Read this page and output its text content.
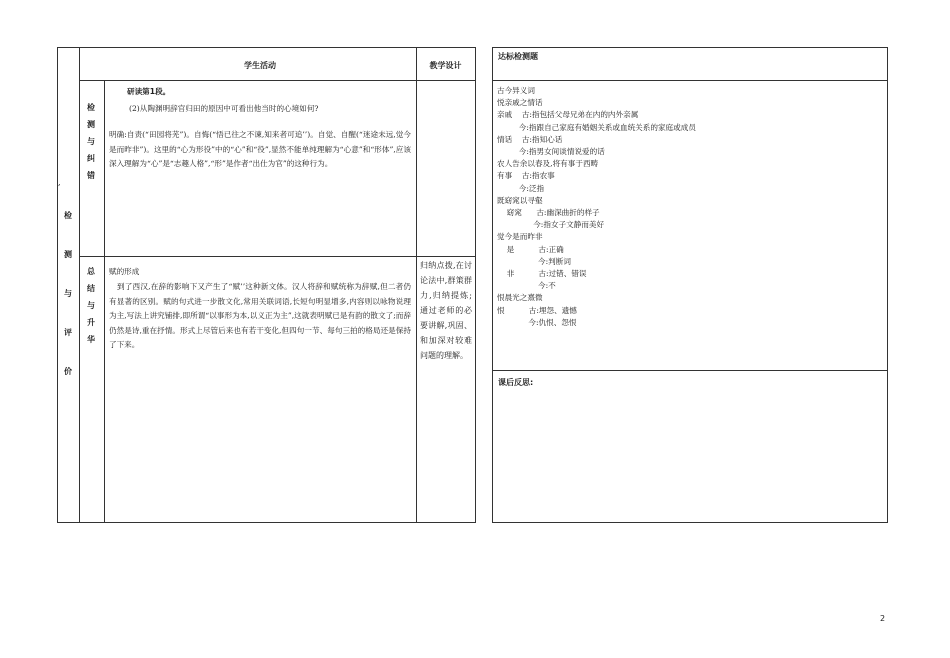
学生活动	教学设计
,
检
测
与
评
价
检
测
与
纠
错
总
结
与
升
华
研读第1段。
(2)从陶渊明辞官归田的原因中可看出他当时的心境如何?
明确:自责(“田园将芜”)。自悔(“悟已往之不谏,知来者可追’’)。自觉、自醒(“迷途未远,觉今是而昨非”)。这里的“心为形役”中的“心”和“役”,显然不能单纯理解为“心意”和“形体”,应该深入理解为“心”是“志趣人格”,“形”是作者“出仕为官”的这种行为。
赋的形成
到了西汉,在辞的影响下又产生了“赋’’这种新文体。汉人将辞和赋统称为辞赋,但二者仍有显著的区别。赋的句式进一步散文化,常用关联词语,长短句明显增多,内容则以咏物说理为主,写法上讲究铺排,即所谓“以事形为本,以义正为主”,这就表明赋已是有韵的散文了;而辞仍然是诗,重在抒情。形式上尽管后来也有若干变化,但四句一节、每句三拍的格局还是保持了下来。
归纳点拨,在讨论法中,群策群力,归纳提炼;通过老师的必要讲解,巩固、和加深对较难问题的理解。
达标检测题
古今异义词
悦亲戚之情话
亲戚    古:指包括父母兄弟在内的内外亲属
今:指跟自己家庭有婚姻关系或血统关系的家庭或成员
情话    古:指知心话
今:指男女间谈情说爱的话
农人告余以春及,将有事于西畴
有事    古:指农事
今:泛指
既窈窕以寻壑
窈窕      古:幽深曲折的样子
今:指女子文静而美好
觉今是而昨非
是          古:正确
今:判断词
非          古:过错、错误
今:不
恨晨光之熹微
恨          古:埋怨、遗憾
今:仇恨、怨恨
课后反思:
2
